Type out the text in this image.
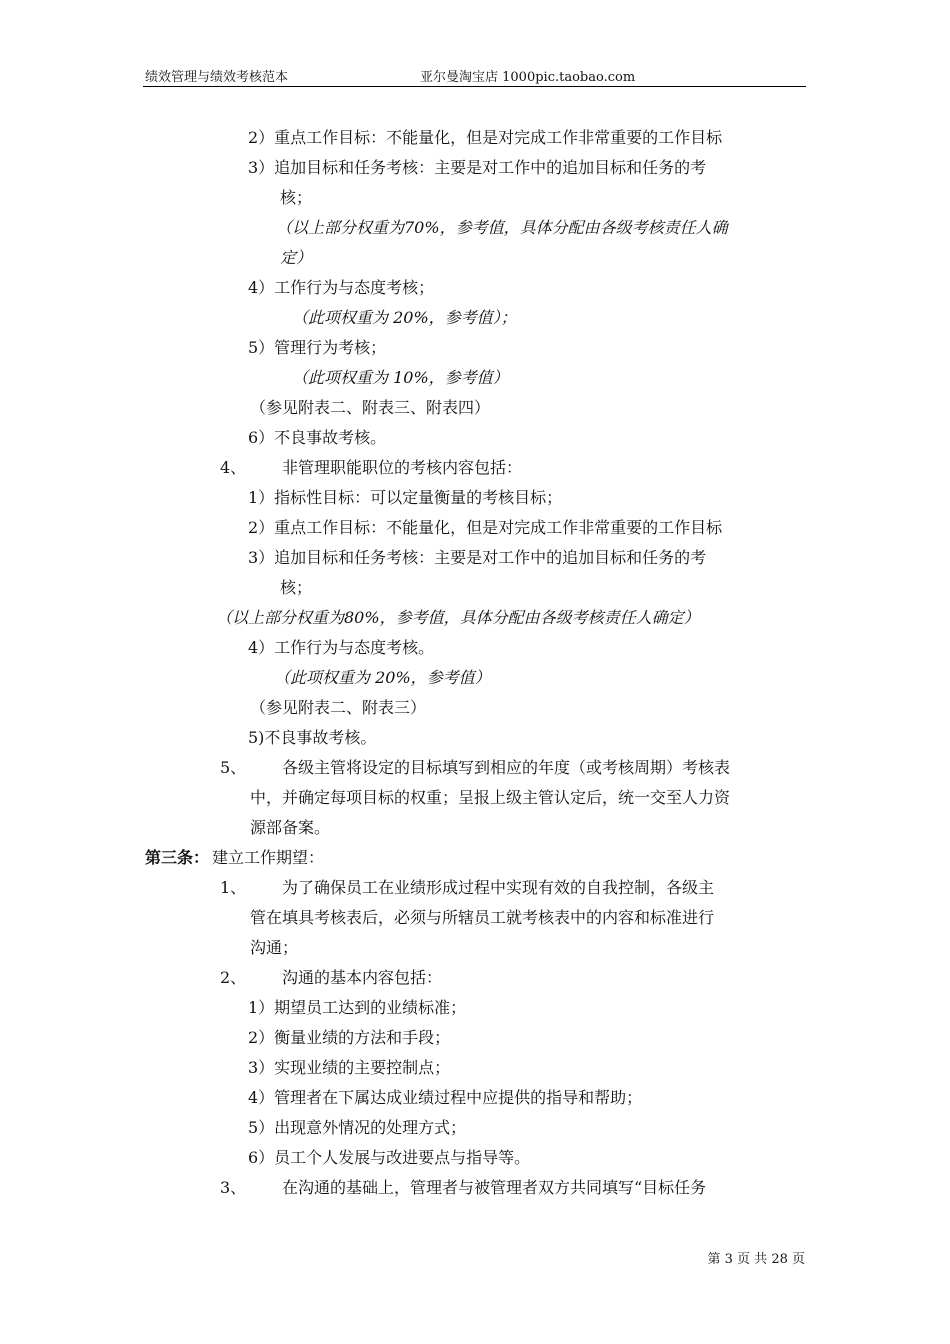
绩效管理与绩效考核范本	亚尔曼淘宝店 1000pic.taobao.com
2）重点工作目标：不能量化，但是对完成工作非常重要的工作目标
3）追加目标和任务考核：主要是对工作中的追加目标和任务的考
核；
（以上部分权重为70%，参考值，具体分配由各级考核责任人确
定）
4）工作行为与态度考核；
（此项权重为 20%，参考值）；
5）管理行为考核；
（此项权重为 10%，参考值）
（参见附表二、附表三、附表四）
6）不良事故考核。
4、 非管理职能职位的考核内容包括：
1）指标性目标：可以定量衡量的考核目标；
2）重点工作目标：不能量化，但是对完成工作非常重要的工作目标
3）追加目标和任务考核：主要是对工作中的追加目标和任务的考
核；
（以上部分权重为80%，参考值，具体分配由各级考核责任人确定）
4）工作行为与态度考核。
（此项权重为 20%，参考值）
（参见附表二、附表三）
5)不良事故考核。
5、 各级主管将设定的目标填写到相应的年度（或考核周期）考核表
中，并确定每项目标的权重；呈报上级主管认定后，统一交至人力资
源部备案。
第三条： 建立工作期望：
1、 为了确保员工在业绩形成过程中实现有效的自我控制，各级主
管在填具考核表后，必须与所辖员工就考核表中的内容和标准进行
沟通；
2、 沟通的基本内容包括：
1）期望员工达到的业绩标准；
2）衡量业绩的方法和手段；
3）实现业绩的主要控制点；
4）管理者在下属达成业绩过程中应提供的指导和帮助；
5）出现意外情况的处理方式；
6）员工个人发展与改进要点与指导等。
3、 在沟通的基础上，管理者与被管理者双方共同填写“目标任务
第 3 页 共 28 页
